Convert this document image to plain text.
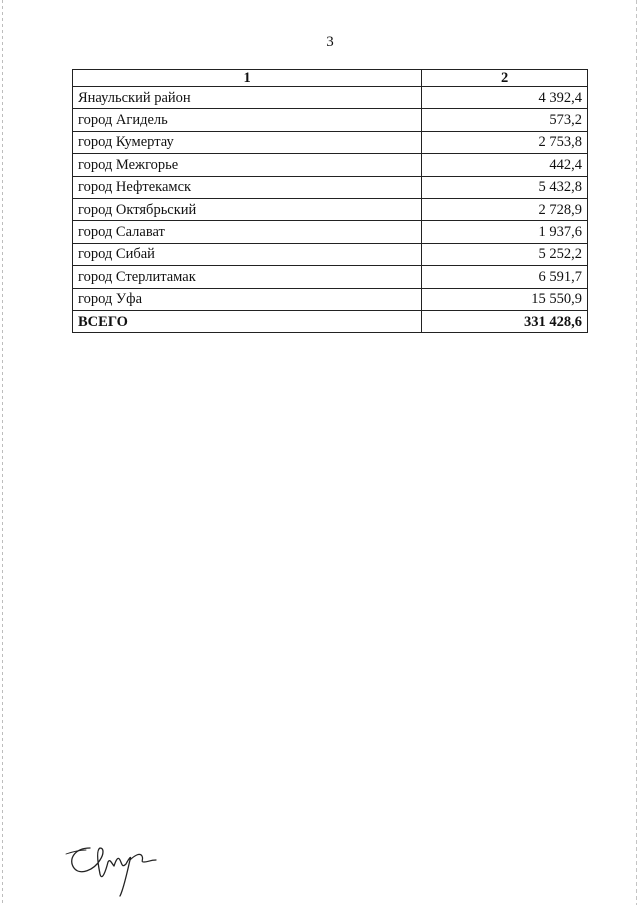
3
1	2
Янаульский район	4 392,4
город Агидель	573,2
город Кумертау	2 753,8
город Межгорье	442,4
город Нефтекамск	5 432,8
город Октябрьский	2 728,9
город Салават	1 937,6
город Сибай	5 252,2
город Стерлитамак	6 591,7
город Уфа	15 550,9
ВСЕГО	331 428,6
